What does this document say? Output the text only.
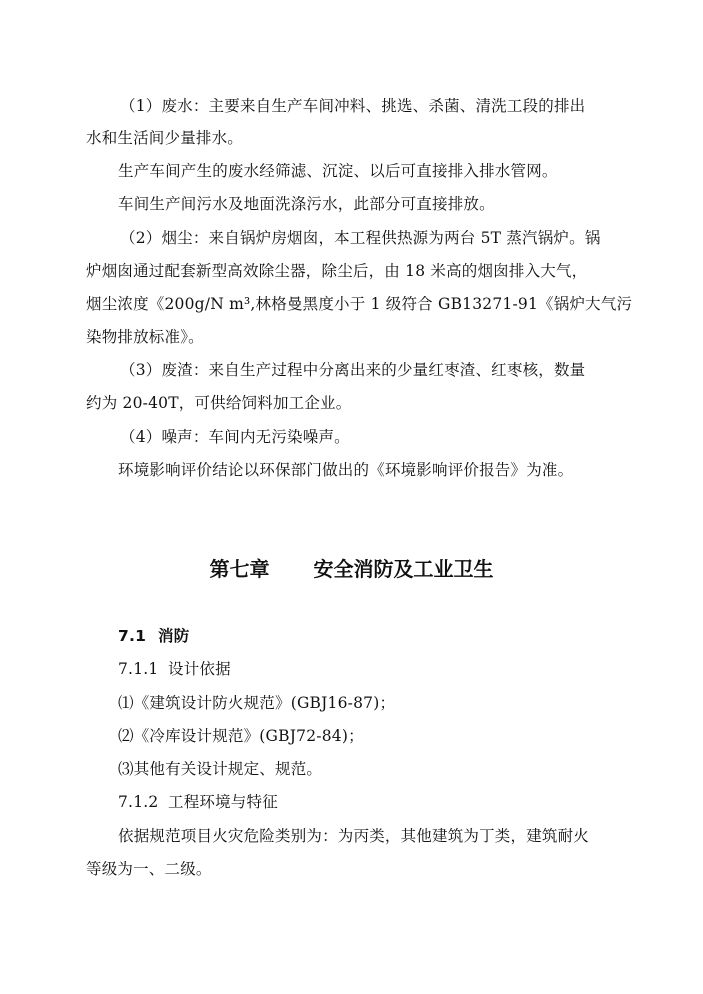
（1）废水：主要来自生产车间冲料、挑选、杀菌、清洗工段的排出
水和生活间少量排水。
生产车间产生的废水经筛滤、沉淀、以后可直接排入排水管网。
车间生产间污水及地面洗涤污水，此部分可直接排放。
（2）烟尘：来自锅炉房烟囱，本工程供热源为两台 5T 蒸汽锅炉。锅
炉烟囱通过配套新型高效除尘器，除尘后，由 18 米高的烟囱排入大气，
烟尘浓度《200g/N m³,林格曼黑度小于 1 级符合 GB13271-91《锅炉大气污
染物排放标准》。
（3）废渣：来自生产过程中分离出来的少量红枣渣、红枣核，数量
约为 20-40T，可供给饲料加工企业。
（4）噪声：车间内无污染噪声。
环境影响评价结论以环保部门做出的《环境影响评价报告》为准。
第七章 安全消防及工业卫生
7.1 消防
7.1.1 设计依据
⑴《建筑设计防火规范》(GBJ16-87)；
⑵《冷库设计规范》(GBJ72-84)；
⑶其他有关设计规定、规范。
7.1.2 工程环境与特征
依据规范项目火灾危险类别为：为丙类，其他建筑为丁类，建筑耐火
等级为一、二级。
